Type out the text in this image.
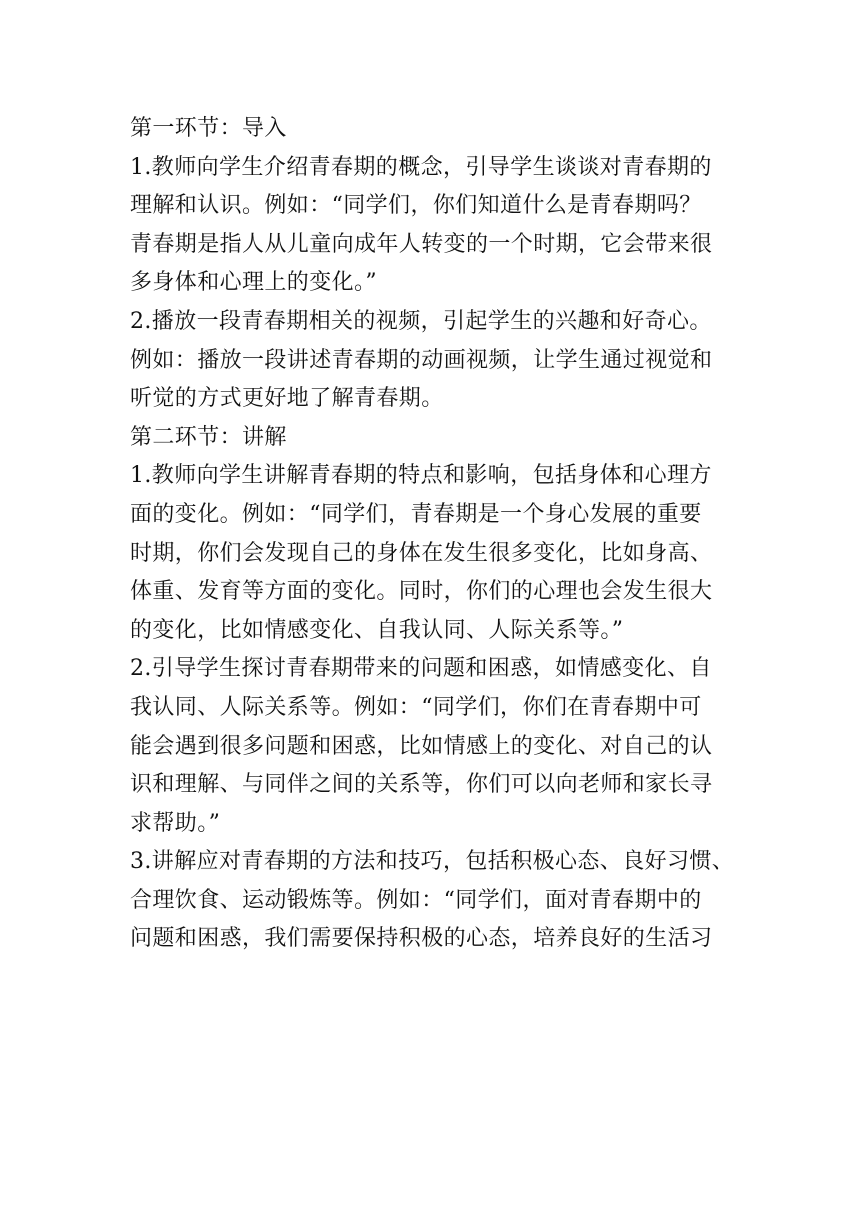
第一环节：导入
1.教师向学生介绍青春期的概念，引导学生谈谈对青春期的
理解和认识。例如：“同学们，你们知道什么是青春期吗？
青春期是指人从儿童向成年人转变的一个时期，它会带来很
多身体和心理上的变化。”
2.播放一段青春期相关的视频，引起学生的兴趣和好奇心。
例如：播放一段讲述青春期的动画视频，让学生通过视觉和
听觉的方式更好地了解青春期。
第二环节：讲解
1.教师向学生讲解青春期的特点和影响，包括身体和心理方
面的变化。例如：“同学们，青春期是一个身心发展的重要
时期，你们会发现自己的身体在发生很多变化，比如身高、
体重、发育等方面的变化。同时，你们的心理也会发生很大
的变化，比如情感变化、自我认同、人际关系等。”
2.引导学生探讨青春期带来的问题和困惑，如情感变化、自
我认同、人际关系等。例如：“同学们，你们在青春期中可
能会遇到很多问题和困惑，比如情感上的变化、对自己的认
识和理解、与同伴之间的关系等，你们可以向老师和家长寻
求帮助。”
3.讲解应对青春期的方法和技巧，包括积极心态、良好习惯、
合理饮食、运动锻炼等。例如：“同学们，面对青春期中的
问题和困惑，我们需要保持积极的心态，培养良好的生活习
